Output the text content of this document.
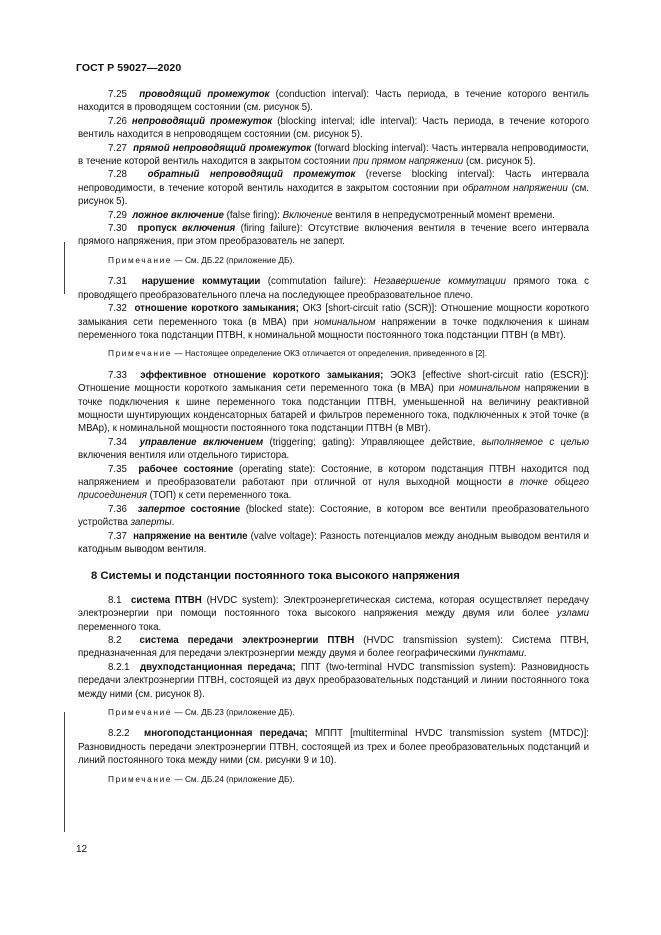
ГОСТ Р 59027—2020

7.25 проводящий промежуток (conduction interval): Часть периода, в течение которого вентиль находится в проводящем состоянии (см. рисунок 5).

7.26 непроводящий промежуток (blocking interval; idle interval): Часть периода, в течение которого вентиль находится в непроводящем состоянии (см. рисунок 5).

7.27 прямой непроводящий промежуток (forward blocking interval): Часть интервала непроводимости, в течение которой вентиль находится в закрытом состоянии при прямом напряжении (см. рисунок 5).

7.28 обратный непроводящий промежуток (reverse blocking interval): Часть интервала непроводимости, в течение которой вентиль находится в закрытом состоянии при обратном напряжении (см. рисунок 5).

7.29 ложное включение (false firing): Включение вентиля в непредусмотренный момент времени.

7.30 пропуск включения (firing failure): Отсутствие включения вентиля в течение всего интервала прямого напряжения, при этом преобразователь не заперт.

Примечание — См. ДБ.22 (приложение ДБ).

7.31 нарушение коммутации (commutation failure): Незавершение коммутации прямого тока с проводящего преобразовательного плеча на последующее преобразовательное плечо.

7.32 отношение короткого замыкания; ОКЗ [short-circuit ratio (SCR)]: Отношение мощности короткого замыкания сети переменного тока (в МВА) при номинальном напряжении в точке подключения к шинам переменного тока подстанции ПТВН, к номинальной мощности постоянного тока подстанции ПТВН (в МВт).

Примечание — Настоящее определение ОКЗ отличается от определения, приведенного в [2].

7.33 эффективное отношение короткого замыкания; ЭОКЗ [effective short-circuit ratio (ESCR)]: Отношение мощности короткого замыкания сети переменного тока (в МВА) при номинальном напряжении в точке подключения к шине переменного тока подстанции ПТВН, уменьшенной на величину реактивной мощности шунтирующих конденсаторных батарей и фильтров переменного тока, подключенных к этой точке (в МВАр), к номинальной мощности постоянного тока подстанции ПТВН (в МВт).

7.34 управление включением (triggering; gating): Управляющее действие, выполняемое с целью включения вентиля или отдельного тиристора.

7.35 рабочее состояние (operating state): Состояние, в котором подстанция ПТВН находится под напряжением и преобразователи работают при отличной от нуля выходной мощности в точке общего присоединения (ТОП) к сети переменного тока.

7.36 запертое состояние (blocked state): Состояние, в котором все вентили преобразовательного устройства заперты.

7.37 напряжение на вентиле (valve voltage): Разность потенциалов между анодным выводом вентиля и катодным выводом вентиля.

8 Системы и подстанции постоянного тока высокого напряжения

8.1 система ПТВН (HVDC system): Электроэнергетическая система, которая осуществляет передачу электроэнергии при помощи постоянного тока высокого напряжения между двумя или более узлами переменного тока.

8.2 система передачи электроэнергии ПТВН (HVDC transmission system): Система ПТВН, предназначенная для передачи электроэнергии между двумя и более географическими пунктами.

8.2.1 двухподстанционная передача; ППТ (two-terminal HVDC transmission system): Разновидность передачи электроэнергии ПТВН, состоящей из двух преобразовательных подстанций и линии постоянного тока между ними (см. рисунок 8).

Примечание — См. ДБ.23 (приложение ДБ).

8.2.2 многоподстанционная передача; МППТ [multiterminal HVDC transmission system (MTDC)]: Разновидность передачи электроэнергии ПТВН, состоящей из трех и более преобразовательных подстанций и линий постоянного тока между ними (см. рисунки 9 и 10).

Примечание — См. ДБ.24 (приложение ДБ).

12
